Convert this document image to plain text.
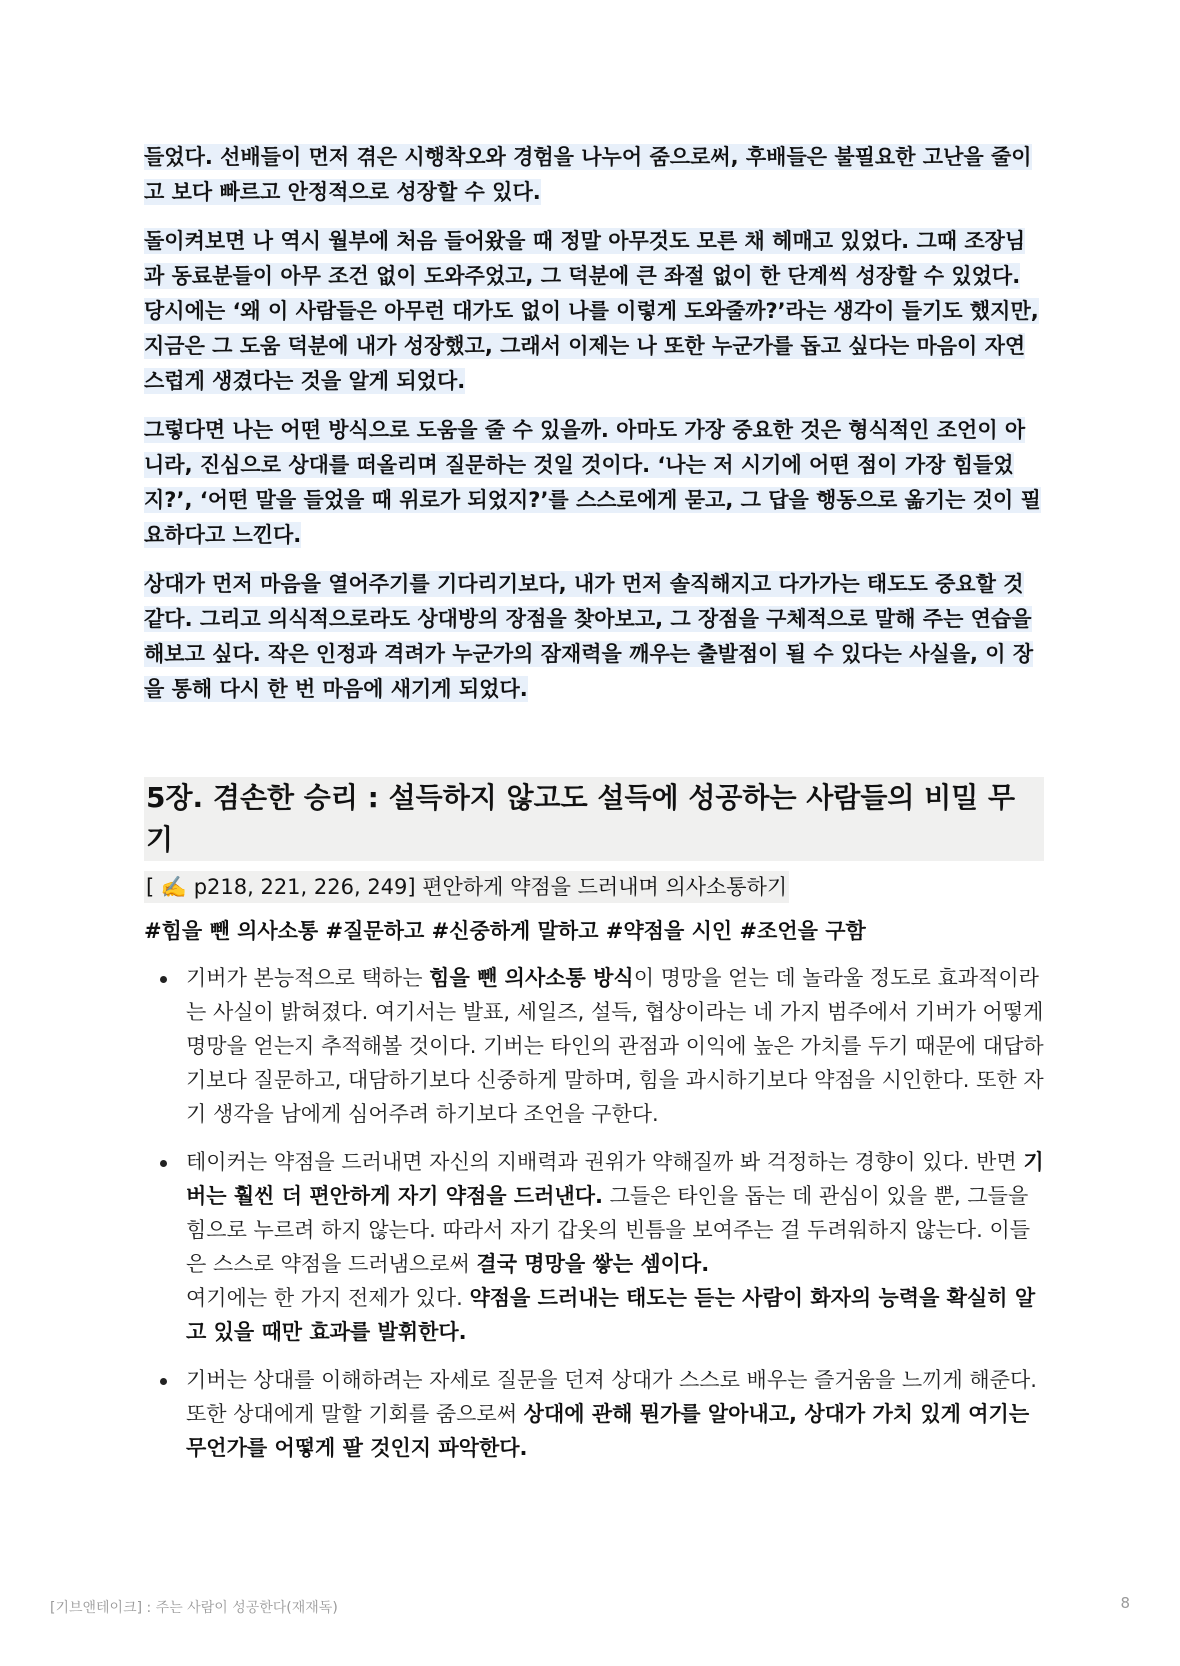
들었다. 선배들이 먼저 겪은 시행착오와 경험을 나누어 줌으로써, 후배들은 불필요한 고난을 줄이고 보다 빠르고 안정적으로 성장할 수 있다.

돌이켜보면 나 역시 월부에 처음 들어왔을 때 정말 아무것도 모른 채 헤매고 있었다. 그때 조장님과 동료분들이 아무 조건 없이 도와주었고, 그 덕분에 큰 좌절 없이 한 단계씩 성장할 수 있었다. 당시에는 ‘왜 이 사람들은 아무런 대가도 없이 나를 이렇게 도와줄까?’라는 생각이 들기도 했지만, 지금은 그 도움 덕분에 내가 성장했고, 그래서 이제는 나 또한 누군가를 돕고 싶다는 마음이 자연스럽게 생겼다는 것을 알게 되었다.

그렇다면 나는 어떤 방식으로 도움을 줄 수 있을까. 아마도 가장 중요한 것은 형식적인 조언이 아니라, 진심으로 상대를 떠올리며 질문하는 것일 것이다. ‘나는 저 시기에 어떤 점이 가장 힘들었지?’, ‘어떤 말을 들었을 때 위로가 되었지?’를 스스로에게 묻고, 그 답을 행동으로 옮기는 것이 필요하다고 느낀다.

상대가 먼저 마음을 열어주기를 기다리기보다, 내가 먼저 솔직해지고 다가가는 태도도 중요할 것 같다. 그리고 의식적으로라도 상대방의 장점을 찾아보고, 그 장점을 구체적으로 말해 주는 연습을 해보고 싶다. 작은 인정과 격려가 누군가의 잠재력을 깨우는 출발점이 될 수 있다는 사실을, 이 장을 통해 다시 한 번 마음에 새기게 되었다.

5장. 겸손한 승리 : 설득하지 않고도 설득에 성공하는 사람들의 비밀 무기
[ ✍️ p218, 221, 226, 249] 편안하게 약점을 드러내며 의사소통하기
#힘을 뺀 의사소통 #질문하고 #신중하게 말하고 #약점을 시인 #조언을 구함
기버가 본능적으로 택하는 힘을 뺀 의사소통 방식이 명망을 얻는 데 놀라울 정도로 효과적이라는 사실이 밝혀졌다. 여기서는 발표, 세일즈, 설득, 협상이라는 네 가지 범주에서 기버가 어떻게 명망을 얻는지 추적해볼 것이다. 기버는 타인의 관점과 이익에 높은 가치를 두기 때문에 대답하기보다 질문하고, 대담하기보다 신중하게 말하며, 힘을 과시하기보다 약점을 시인한다. 또한 자기 생각을 남에게 심어주려 하기보다 조언을 구한다.
테이커는 약점을 드러내면 자신의 지배력과 권위가 약해질까 봐 걱정하는 경향이 있다. 반면 기버는 훨씬 더 편안하게 자기 약점을 드러낸다. 그들은 타인을 돕는 데 관심이 있을 뿐, 그들을 힘으로 누르려 하지 않는다. 따라서 자기 갑옷의 빈틈을 보여주는 걸 두려워하지 않는다. 이들은 스스로 약점을 드러냄으로써 결국 명망을 쌓는 셈이다.
여기에는 한 가지 전제가 있다. 약점을 드러내는 태도는 듣는 사람이 화자의 능력을 확실히 알고 있을 때만 효과를 발휘한다.
기버는 상대를 이해하려는 자세로 질문을 던져 상대가 스스로 배우는 즐거움을 느끼게 해준다. 또한 상대에게 말할 기회를 줌으로써 상대에 관해 뭔가를 알아내고, 상대가 가치 있게 여기는 무언가를 어떻게 팔 것인지 파악한다.
[기브앤테이크] : 주는 사람이 성공한다(재재독)	8
